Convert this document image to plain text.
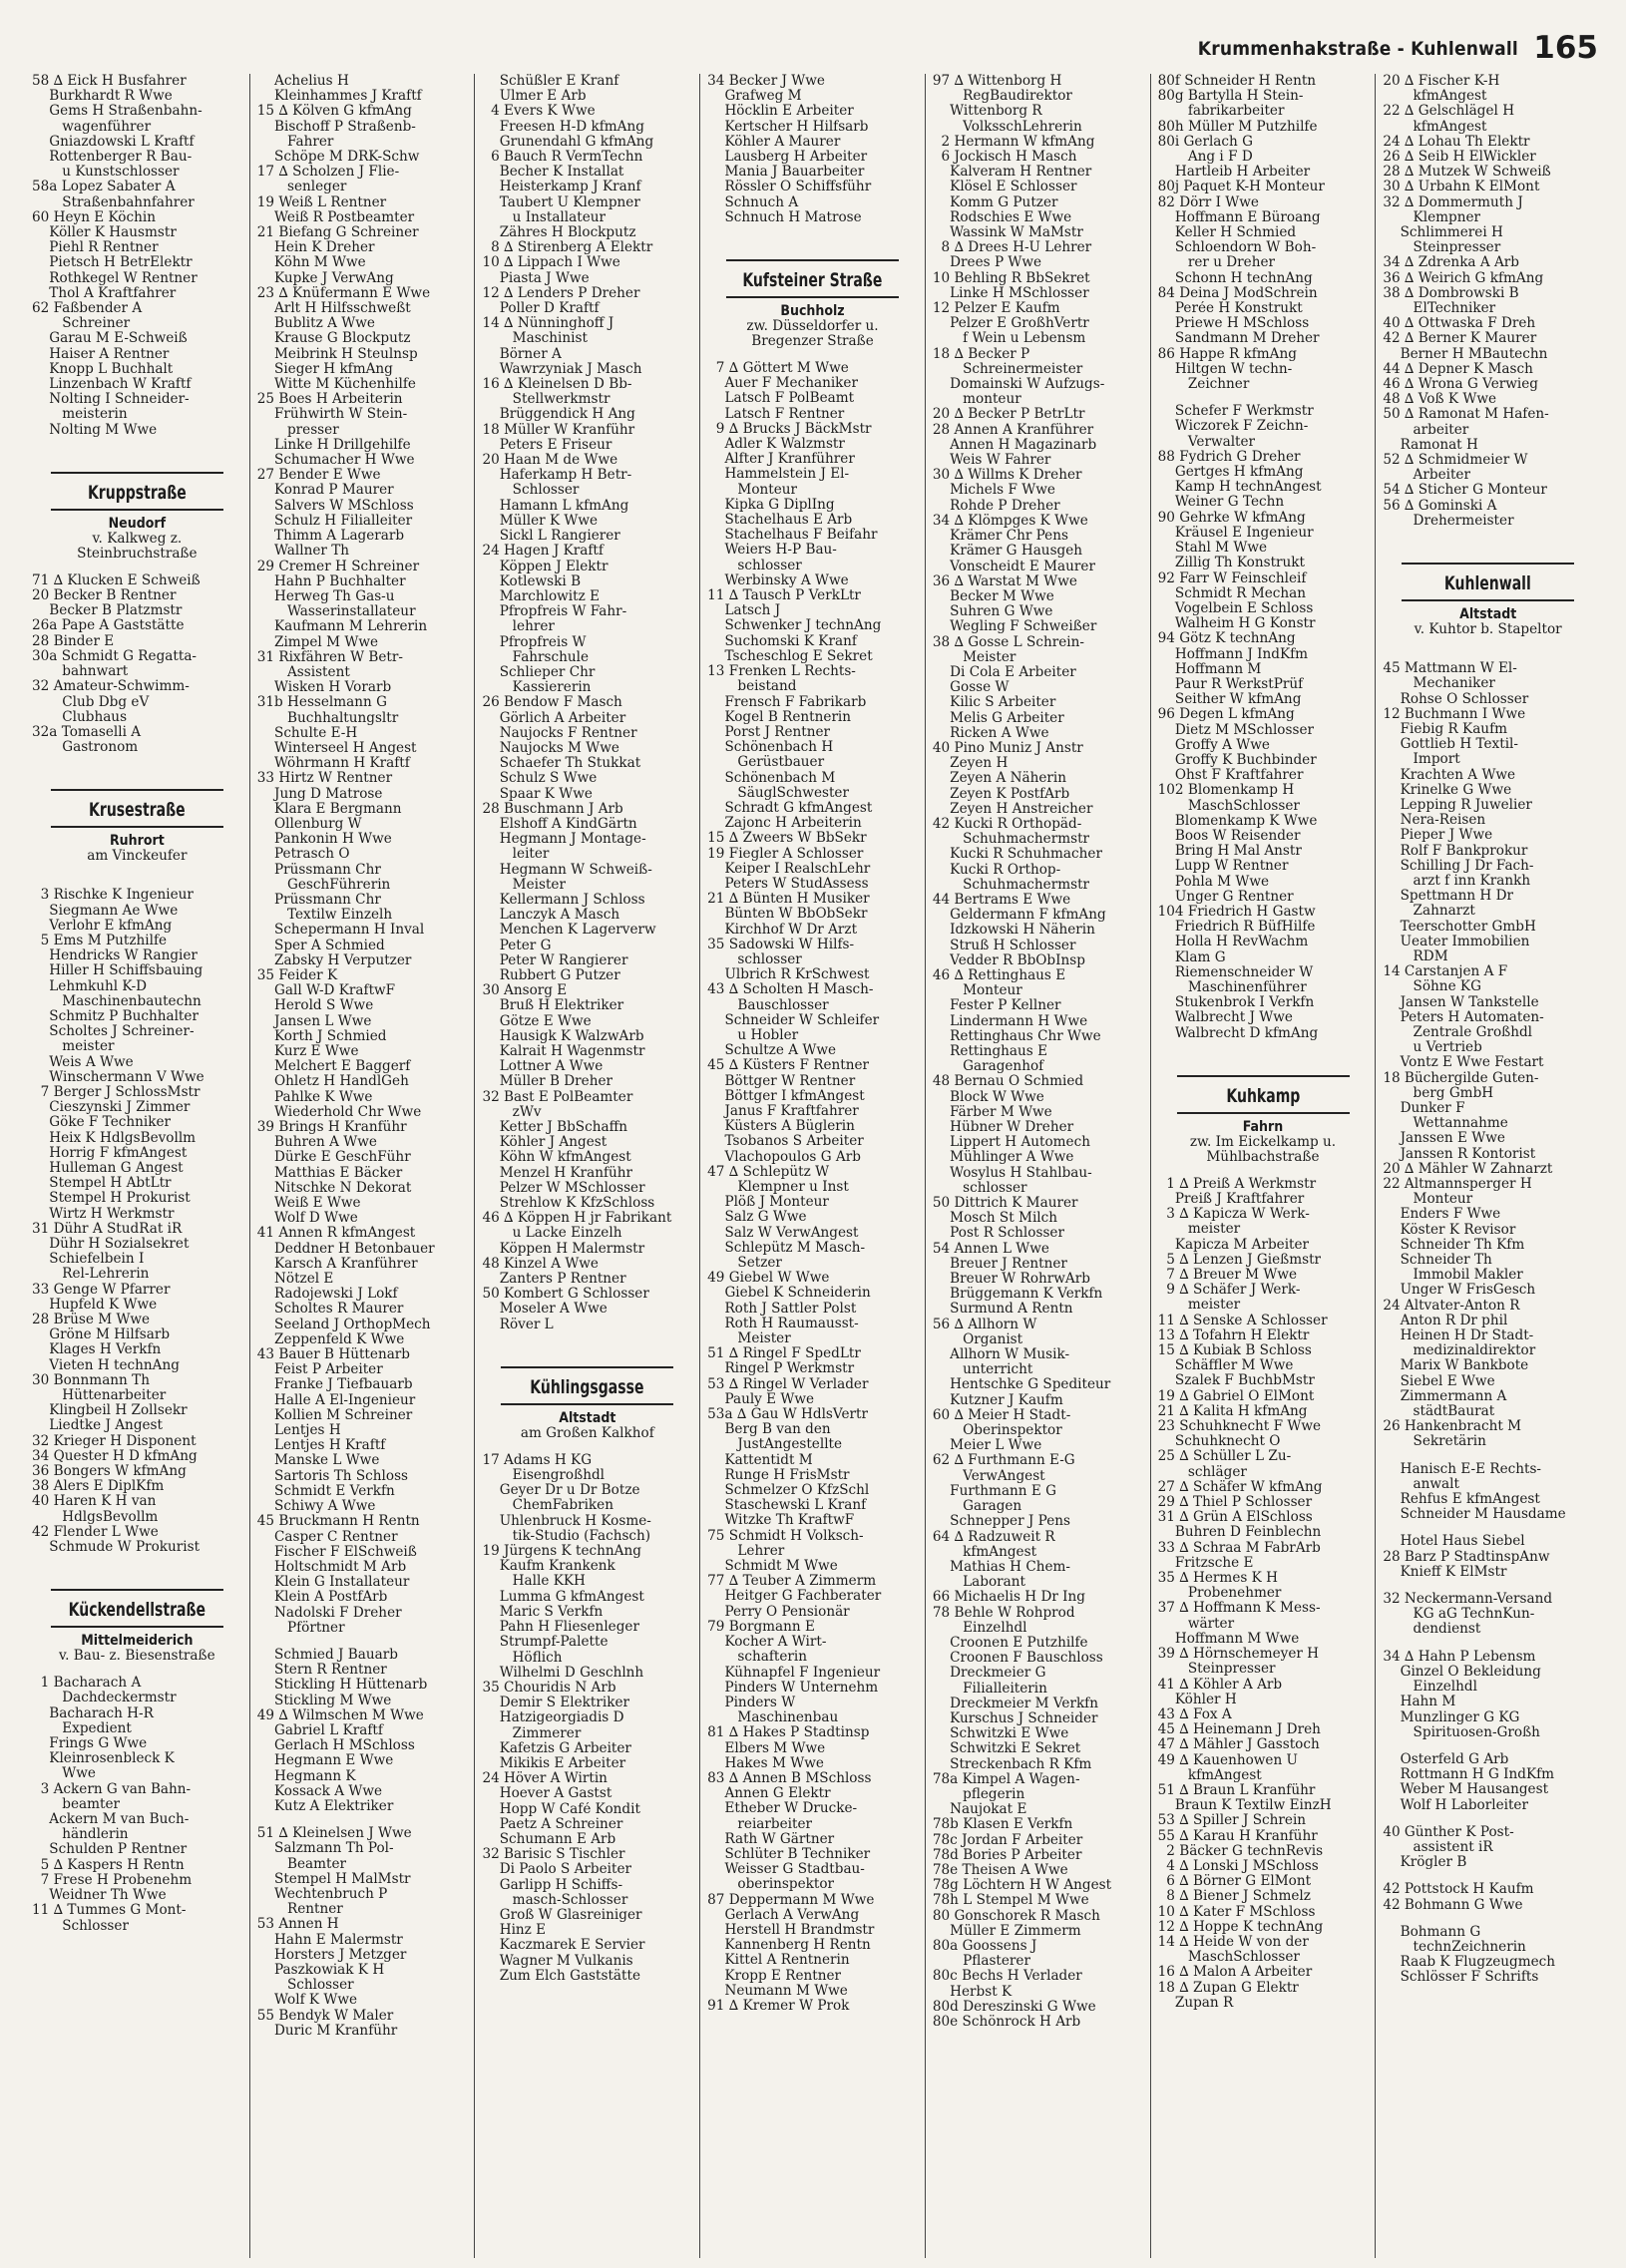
Krummenhakstraße - Kuhlenwall 165
58 ∆ Eick H Busfahrer
Burkhardt R Wwe
Gems H Straßenbahn-
wagenführer
Gniazdowski L Kraftf
Rottenberger R Bau-
u Kunstschlosser
58a Lopez Sabater A
Straßenbahnfahrer
60 Heyn E Köchin
Köller K Hausmstr
Piehl R Rentner
Pietsch H BetrElektr
Rothkegel W Rentner
Thol A Kraftfahrer
62 Faßbender A
Schreiner
Garau M E-Schweiß
Haiser A Rentner
Knopp L Buchhalt
Linzenbach W Kraftf
Nolting I Schneider-
meisterin
Nolting M Wwe
Kruppstraße
Neudorf
v. Kalkweg z.
Steinbruchstraße
71 ∆ Klucken E Schweiß
20 Becker B Rentner
Becker B Platzmstr
26a Pape A Gaststätte
28 Binder E
30a Schmidt G Regatta-
bahnwart
32 Amateur-Schwimm-
Club Dbg eV
Clubhaus
32a Tomaselli A
Gastronom
Krusestraße
Ruhrort
am Vinckeufer
3 Rischke K Ingenieur
Siegmann Ae Wwe
Verlohr E kfmAng
5 Ems M Putzhilfe
Hendricks W Rangier
Hiller H Schiffsbauing
Lehmkuhl K-D
Maschinenbautechn
Schmitz P Buchhalter
Scholtes J Schreiner-
meister
Weis A Wwe
Winschermann V Wwe
7 Berger J SchlossMstr
Cieszynski J Zimmer
Göke F Techniker
Heix K HdlgsBevollm
Horrig F kfmAngest
Hulleman G Angest
Stempel H AbtLtr
Stempel H Prokurist
Wirtz H Werkmstr
31 Dühr A StudRat iR
Dühr H Sozialsekret
Schiefelbein I
Rel-Lehrerin
33 Genge W Pfarrer
Hupfeld K Wwe
28 Brüse M Wwe
Gröne M Hilfsarb
Klages H Verkfn
Vieten H technAng
30 Bonnmann Th
Hüttenarbeiter
Klingbeil H Zollsekr
Liedtke J Angest
32 Krieger H Disponent
34 Quester H D kfmAng
36 Bongers W kfmAng
38 Alers E DiplKfm
40 Haren K H van
HdlgsBevollm
42 Flender L Wwe
Schmude W Prokurist
Kückendellstraße
Mittelmeiderich
v. Bau- z. Biesenstraße
1 Bacharach A
Dachdeckermstr
Bacharach H-R
Expedient
Frings G Wwe
Kleinrosenbleck K
Wwe
3 Ackern G van Bahn-
beamter
Ackern M van Buch-
händlerin
Schulden P Rentner
5 ∆ Kaspers H Rentn
7 Frese H Probenehm
Weidner Th Wwe
11 ∆ Tummes G Mont-
Schlosser
Achelius H
Kleinhammes J Kraftf
15 ∆ Kölven G kfmAng
Bischoff P Straßenb-
Fahrer
Schöpe M DRK-Schw
17 ∆ Scholzen J Flie-
senleger
19 Weiß L Rentner
Weiß R Postbeamter
21 Biefang G Schreiner
Hein K Dreher
Köhn M Wwe
Kupke J VerwAng
23 ∆ Knüfermann E Wwe
Arlt H Hilfsschweßt
Bublitz A Wwe
Krause G Blockputz
Meibrink H Steulnsp
Sieger H kfmAng
Witte M Küchenhilfe
25 Boes H Arbeiterin
Frühwirth W Stein-
presser
Linke H Drillgehilfe
Schumacher H Wwe
27 Bender E Wwe
Konrad P Maurer
Salvers W MSchloss
Schulz H Filialleiter
Thimm A Lagerarb
Wallner Th
29 Cremer H Schreiner
Hahn P Buchhalter
Herweg Th Gas-u
Wasserinstallateur
Kaufmann M Lehrerin
Zimpel M Wwe
31 Rixfähren W Betr-
Assistent
Wisken H Vorarb
31b Hesselmann G
Buchhaltungsltr
Schulte E-H
Winterseel H Angest
Wöhrmann H Kraftf
33 Hirtz W Rentner
Jung D Matrose
Klara E Bergmann
Ollenburg W
Pankonin H Wwe
Petrasch O
Prüssmann Chr
GeschFührerin
Prüssmann Chr
Textilw Einzelh
Schepermann H Inval
Sper A Schmied
Zabsky H Verputzer
35 Feider K
Gall W-D KraftwF
Herold S Wwe
Jansen L Wwe
Korth J Schmied
Kurz E Wwe
Melchert E Baggerf
Ohletz H HandlGeh
Pahlke K Wwe
Wiederhold Chr Wwe
39 Brings H Kranführ
Buhren A Wwe
Dürke E GeschFühr
Matthias E Bäcker
Nitschke N Dekorat
Weiß E Wwe
Wolf D Wwe
41 Annen R kfmAngest
Deddner H Betonbauer
Karsch A Kranführer
Nötzel E
Radojewski J Lokf
Scholtes R Maurer
Seeland J OrthopMech
Zeppenfeld K Wwe
43 Bauer B Hüttenarb
Feist P Arbeiter
Franke J Tiefbauarb
Halle A El-Ingenieur
Kollien M Schreiner
Lentjes H
Lentjes H Kraftf
Manske L Wwe
Sartoris Th Schloss
Schmidt E Verkfn
Schiwy A Wwe
45 Bruckmann H Rentn
Casper C Rentner
Fischer F ElSchweiß
Holtschmidt M Arb
Klein G Installateur
Klein A PostfArb
Nadolski F Dreher
Pförtner
Schmied J Bauarb
Stern R Rentner
Stickling H Hüttenarb
Stickling M Wwe
49 ∆ Wilmschen M Wwe
Gabriel L Kraftf
Gerlach H MSchloss
Hegmann E Wwe
Hegmann K
Kossack A Wwe
Kutz A Elektriker
51 ∆ Kleinelsen J Wwe
Salzmann Th Pol-
Beamter
Stempel H MalMstr
Wechtenbruch P
Rentner
53 Annen H
Hahn E Malermstr
Horsters J Metzger
Paszkowiak K H
Schlosser
Wolf K Wwe
55 Bendyk W Maler
Duric M Kranführ
Schüßler E Kranf
Ulmer E Arb
4 Evers K Wwe
Freesen H-D kfmAng
Grunendahl G kfmAng
6 Bauch R VermTechn
Becher K Installat
Heisterkamp J Kranf
Taubert U Klempner
u Installateur
Zähres H Blockputz
8 ∆ Stirenberg A Elektr
10 ∆ Lippach I Wwe
Piasta J Wwe
12 ∆ Lenders P Dreher
Poller D Kraftf
14 ∆ Nünninghoff J
Maschinist
Börner A
Wawrzyniak J Masch
16 ∆ Kleinelsen D Bb-
Stellwerkmstr
Brüggendick H Ang
18 Müller W Kranführ
Peters E Friseur
20 Haan M de Wwe
Haferkamp H Betr-
Schlosser
Hamann L kfmAng
Müller K Wwe
Sickl L Rangierer
24 Hagen J Kraftf
Köppen J Elektr
Kotlewski B
Marchlowitz E
Pfropfreis W Fahr-
lehrer
Pfropfreis W
Fahrschule
Schlieper Chr
Kassiererin
26 Bendow F Masch
Görlich A Arbeiter
Naujocks F Rentner
Naujocks M Wwe
Schaefer Th Stukkat
Schulz S Wwe
Spaar K Wwe
28 Buschmann J Arb
Elshoff A KindGärtn
Hegmann J Montage-
leiter
Hegmann W Schweiß-
Meister
Kellermann J Schloss
Lanczyk A Masch
Menchen K Lagerverw
Peter G
Peter W Rangierer
Rubbert G Putzer
30 Ansorg E
Bruß H Elektriker
Götze E Wwe
Hausigk K WalzwArb
Kalrait H Wagenmstr
Lottner A Wwe
Müller B Dreher
32 Bast E PolBeamter
zWv
Ketter J BbSchaffn
Köhler J Angest
Köhn W kfmAngest
Menzel H Kranführ
Pelzer W MSchlosser
Strehlow K KfzSchloss
46 ∆ Köppen H jr Fabrikant
u Lacke Einzelh
Köppen H Malermstr
48 Kinzel A Wwe
Zanters P Rentner
50 Kombert G Schlosser
Moseler A Wwe
Röver L
Kühlingsgasse
Altstadt
am Großen Kalkhof
17 Adams H KG
Eisengroßhdl
Geyer Dr u Dr Botze
ChemFabriken
Uhlenbruck H Kosme-
tik-Studio (Fachsch)
19 Jürgens K technAng
Kaufm Krankenk
Halle KKH
Lumma G kfmAngest
Maric S Verkfn
Pahn H Fliesenleger
Strumpf-Palette
Höflich
Wilhelmi D Geschlnh
35 Chouridis N Arb
Demir S Elektriker
Hatzigeorgiadis D
Zimmerer
Kafetzis G Arbeiter
Mikikis E Arbeiter
24 Höver A Wirtin
Hoever A Gastst
Hopp W Café Kondit
Paetz A Schreiner
Schumann E Arb
32 Barisic S Tischler
Di Paolo S Arbeiter
Garlipp H Schiffs-
masch-Schlosser
Groß W Glasreiniger
Hinz E
Kaczmarek E Servier
Wagner M Vulkanis
Zum Elch Gaststätte
34 Becker J Wwe
Grafweg M
Höcklin E Arbeiter
Kertscher H Hilfsarb
Köhler A Maurer
Lausberg H Arbeiter
Mania J Bauarbeiter
Rössler O Schiffsführ
Schnuch A
Schnuch H Matrose
Kufsteiner Straße
Buchholz
zw. Düsseldorfer u.
Bregenzer Straße
7 ∆ Göttert M Wwe
Auer F Mechaniker
Latsch F PolBeamt
Latsch F Rentner
9 ∆ Brucks J BäckMstr
Adler K Walzmstr
Alfter J Kranführer
Hammelstein J El-
Monteur
Kipka G DiplIng
Stachelhaus E Arb
Stachelhaus F Beifahr
Weiers H-P Bau-
schlosser
Werbinsky A Wwe
11 ∆ Tausch P VerkLtr
Latsch J
Schwenker J technAng
Suchomski K Kranf
Tscheschlog E Sekret
13 Frenken L Rechts-
beistand
Frensch F Fabrikarb
Kogel B Rentnerin
Porst J Rentner
Schönenbach H
Gerüstbauer
Schönenbach M
SäuglSchwester
Schradt G kfmAngest
Zajonc H Arbeiterin
15 ∆ Zweers W BbSekr
19 Fiegler A Schlosser
Keiper I RealschLehr
Peters W StudAssess
21 ∆ Bünten H Musiker
Bünten W BbObSekr
Kirchhof W Dr Arzt
35 Sadowski W Hilfs-
schlosser
Ulbrich R KrSchwest
43 ∆ Scholten H Masch-
Bauschlosser
Schneider W Schleifer
u Hobler
Schultze A Wwe
45 ∆ Küsters F Rentner
Böttger W Rentner
Böttger I kfmAngest
Janus F Kraftfahrer
Küsters A Büglerin
Tsobanos S Arbeiter
Vlachopoulos G Arb
47 ∆ Schlepütz W
Klempner u Inst
Plöß J Monteur
Salz G Wwe
Salz W VerwAngest
Schlepütz M Masch-
Setzer
49 Giebel W Wwe
Giebel K Schneiderin
Roth J Sattler Polst
Roth H Raumausst-
Meister
51 ∆ Ringel F SpedLtr
Ringel P Werkmstr
53 ∆ Ringel W Verlader
Pauly E Wwe
53a ∆ Gau W HdlsVertr
Berg B van den
JustAngestellte
Kattentidt M
Runge H FrisMstr
Schmelzer O KfzSchl
Staschewski L Kranf
Witzke Th KraftwF
75 Schmidt H Volksch-
Lehrer
Schmidt M Wwe
77 ∆ Teuber A Zimmerm
Heitger G Fachberater
Perry O Pensionär
79 Borgmann E
Kocher A Wirt-
schafterin
Kühnapfel F Ingenieur
Pinders W Unternehm
Pinders W
Maschinenbau
81 ∆ Hakes P Stadtinsp
Elbers M Wwe
Hakes M Wwe
83 ∆ Annen B MSchloss
Annen G Elektr
Etheber W Drucke-
reiarbeiter
Rath W Gärtner
Schlüter B Techniker
Weisser G Stadtbau-
oberinspektor
87 Deppermann M Wwe
Gerlach A VerwAng
Herstell H Brandmstr
Kannenberg H Rentn
Kittel A Rentnerin
Kropp E Rentner
Neumann M Wwe
91 ∆ Kremer W Prok
97 ∆ Wittenborg H
RegBaudirektor
Wittenborg R
VolksschLehrerin
2 Hermann W kfmAng
6 Jockisch H Masch
Kalveram H Rentner
Klösel E Schlosser
Komm G Putzer
Rodschies E Wwe
Wassink W MaMstr
8 ∆ Drees H-U Lehrer
Drees P Wwe
10 Behling R BbSekret
Linke H MSchlosser
12 Pelzer E Kaufm
Pelzer E GroßhVertr
f Wein u Lebensm
18 ∆ Becker P
Schreinermeister
Domainski W Aufzugs-
monteur
20 ∆ Becker P BetrLtr
28 Annen A Kranführer
Annen H Magazinarb
Weis W Fahrer
30 ∆ Willms K Dreher
Michels F Wwe
Rohde P Dreher
34 ∆ Klömpges K Wwe
Krämer Chr Pens
Krämer G Hausgeh
Vonscheidt E Maurer
36 ∆ Warstat M Wwe
Becker M Wwe
Suhren G Wwe
Wegling F Schweißer
38 ∆ Gosse L Schrein-
Meister
Di Cola E Arbeiter
Gosse W
Kilic S Arbeiter
Melis G Arbeiter
Ricken A Wwe
40 Pino Muniz J Anstr
Zeyen H
Zeyen A Näherin
Zeyen K PostfArb
Zeyen H Anstreicher
42 Kucki R Orthopäd-
Schuhmachermstr
Kucki R Schuhmacher
Kucki R Orthop-
Schuhmachermstr
44 Bertrams E Wwe
Geldermann F kfmAng
Idzkowski H Näherin
Struß H Schlosser
Vedder R BbObInsp
46 ∆ Rettinghaus E
Monteur
Fester P Kellner
Lindermann H Wwe
Rettinghaus Chr Wwe
Rettinghaus E
Garagenhof
48 Bernau O Schmied
Block W Wwe
Färber M Wwe
Hübner W Dreher
Lippert H Automech
Mühlinger A Wwe
Wosylus H Stahlbau-
schlosser
50 Dittrich K Maurer
Mosch St Milch
Post R Schlosser
54 Annen L Wwe
Breuer J Rentner
Breuer W RohrwArb
Brüggemann K Verkfn
Surmund A Rentn
56 ∆ Allhorn W
Organist
Allhorn W Musik-
unterricht
Hentschke G Spediteur
Kutzner J Kaufm
60 ∆ Meier H Stadt-
Oberinspektor
Meier L Wwe
62 ∆ Furthmann E-G
VerwAngest
Furthmann E G
Garagen
Schnepper J Pens
64 ∆ Radzuweit R
kfmAngest
Mathias H Chem-
Laborant
66 Michaelis H Dr Ing
78 Behle W Rohprod
Einzelhdl
Croonen E Putzhilfe
Croonen F Bauschloss
Dreckmeier G
Filialleiterin
Dreckmeier M Verkfn
Kurschus J Schneider
Schwitzki E Wwe
Schwitzki E Sekret
Streckenbach R Kfm
78a Kimpel A Wagen-
pflegerin
Naujokat E
78b Klasen E Verkfn
78c Jordan F Arbeiter
78d Bories P Arbeiter
78e Theisen A Wwe
78g Löchtern H W Angest
78h L Stempel M Wwe
80 Gonschorek R Masch
Müller E Zimmerm
80a Goossens J
Pflasterer
80c Bechs H Verlader
Herbst K
80d Dereszinski G Wwe
80e Schönrock H Arb
80f Schneider H Rentn
80g Bartylla H Stein-
fabrikarbeiter
80h Müller M Putzhilfe
80i Gerlach G
Ang i F D
Hartleib H Arbeiter
80j Paquet K-H Monteur
82 Dörr I Wwe
Hoffmann E Büroang
Keller H Schmied
Schloendorn W Boh-
rer u Dreher
Schonn H technAng
84 Deina J ModSchrein
Perée H Konstrukt
Priewe H MSchloss
Sandmann M Dreher
86 Happe R kfmAng
Hiltgen W techn-
Zeichner
Schefer F Werkmstr
Wiczorek F Zeichn-
Verwalter
88 Fydrich G Dreher
Gertges H kfmAng
Kamp H technAngest
Weiner G Techn
90 Gehrke W kfmAng
Kräusel E Ingenieur
Stahl M Wwe
Zillig Th Konstrukt
92 Farr W Feinschleif
Schmidt R Mechan
Vogelbein E Schloss
Walheim H G Konstr
94 Götz K technAng
Hoffmann J IndKfm
Hoffmann M
Paur R WerkstPrüf
Seither W kfmAng
96 Degen L kfmAng
Dietz M MSchlosser
Groffy A Wwe
Groffy K Buchbinder
Ohst F Kraftfahrer
102 Blomenkamp H
MaschSchlosser
Blomenkamp K Wwe
Boos W Reisender
Bring H Mal Anstr
Lupp W Rentner
Pohla M Wwe
Unger G Rentner
104 Friedrich H Gastw
Friedrich R BüfHilfe
Holla H RevWachm
Klam G
Riemenschneider W
Maschinenführer
Stukenbrok I Verkfn
Walbrecht J Wwe
Walbrecht D kfmAng
Kuhkamp
Fahrn
zw. Im Eickelkamp u.
Mühlbachstraße
1 ∆ Preiß A Werkmstr
Preiß J Kraftfahrer
3 ∆ Kapicza W Werk-
meister
Kapicza M Arbeiter
5 ∆ Lenzen J Gießmstr
7 ∆ Breuer M Wwe
9 ∆ Schäfer J Werk-
meister
11 ∆ Senske A Schlosser
13 ∆ Tofahrn H Elektr
15 ∆ Kubiak B Schloss
Schäffler M Wwe
Szalek F BuchbMstr
19 ∆ Gabriel O ElMont
21 ∆ Kalita H kfmAng
23 Schuhknecht F Wwe
Schuhknecht O
25 ∆ Schüller L Zu-
schläger
27 ∆ Schäfer W kfmAng
29 ∆ Thiel P Schlosser
31 ∆ Grün A ElSchloss
Buhren D Feinblechn
33 ∆ Schraa M FabrArb
Fritzsche E
35 ∆ Hermes K H
Probenehmer
37 ∆ Hoffmann K Mess-
wärter
Hoffmann M Wwe
39 ∆ Hörnschemeyer H
Steinpresser
41 ∆ Köhler A Arb
Köhler H
43 ∆ Fox A
45 ∆ Heinemann J Dreh
47 ∆ Mähler J Gasstoch
49 ∆ Kauenhowen U
kfmAngest
51 ∆ Braun L Kranführ
Braun K Textilw EinzH
53 ∆ Spiller J Schrein
55 ∆ Karau H Kranführ
2 Bäcker G technRevis
4 ∆ Lonski J MSchloss
6 ∆ Börner G ElMont
8 ∆ Biener J Schmelz
10 ∆ Kater F MSchloss
12 ∆ Hoppe K technAng
14 ∆ Heide W von der
MaschSchlosser
16 ∆ Malon A Arbeiter
18 ∆ Zupan G Elektr
Zupan R
20 ∆ Fischer K-H
kfmAngest
22 ∆ Gelschlägel H
kfmAngest
24 ∆ Lohau Th Elektr
26 ∆ Seib H ElWickler
28 ∆ Mutzek W Schweiß
30 ∆ Urbahn K ElMont
32 ∆ Dommermuth J
Klempner
Schlimmerei H
Steinpresser
34 ∆ Zdrenka A Arb
36 ∆ Weirich G kfmAng
38 ∆ Dombrowski B
ElTechniker
40 ∆ Ottwaska F Dreh
42 ∆ Berner K Maurer
Berner H MBautechn
44 ∆ Depner K Masch
46 ∆ Wrona G Verwieg
48 ∆ Voß K Wwe
50 ∆ Ramonat M Hafen-
arbeiter
Ramonat H
52 ∆ Schmidmeier W
Arbeiter
54 ∆ Sticher G Monteur
56 ∆ Gominski A
Drehermeister
Kuhlenwall
Altstadt
v. Kuhtor b. Stapeltor
45 Mattmann W El-
Mechaniker
Rohse O Schlosser
12 Buchmann I Wwe
Fiebig R Kaufm
Gottlieb H Textil-
Import
Krachten A Wwe
Krinelke G Wwe
Lepping R Juwelier
Nera-Reisen
Pieper J Wwe
Rolf F Bankprokur
Schilling J Dr Fach-
arzt f inn Krankh
Spettmann H Dr
Zahnarzt
Teerschotter GmbH
Ueater Immobilien
RDM
14 Carstanjen A F
Söhne KG
Jansen W Tankstelle
Peters H Automaten-
Zentrale Großhdl
u Vertrieb
Vontz E Wwe Festart
18 Büchergilde Guten-
berg GmbH
Dunker F
Wettannahme
Janssen E Wwe
Janssen R Kontorist
20 ∆ Mähler W Zahnarzt
22 Altmannsperger H
Monteur
Enders F Wwe
Köster K Revisor
Schneider Th Kfm
Schneider Th
Immobil Makler
Unger W FrisGesch
24 Altvater-Anton R
Anton R Dr phil
Heinen H Dr Stadt-
medizinaldirektor
Marix W Bankbote
Siebel E Wwe
Zimmermann A
städtBaurat
26 Hankenbracht M
Sekretärin
Hanisch E-E Rechts-
anwalt
Rehfus E kfmAngest
Schneider M Hausdame
Hotel Haus Siebel
28 Barz P StadtinspAnw
Knieff K ElMstr
32 Neckermann-Versand
KG aG TechnKun-
dendienst
34 ∆ Hahn P Lebensm
Ginzel O Bekleidung
Einzelhdl
Hahn M
Munzlinger G KG
Spirituosen-Großh
Osterfeld G Arb
Rottmann H G IndKfm
Weber M Hausangest
Wolf H Laborleiter
40 Günther K Post-
assistent iR
Krögler B
42 Pottstock H Kaufm
42 Bohmann G Wwe
Bohmann G
technZeichnerin
Raab K Flugzeugmech
Schlösser F Schrifts
